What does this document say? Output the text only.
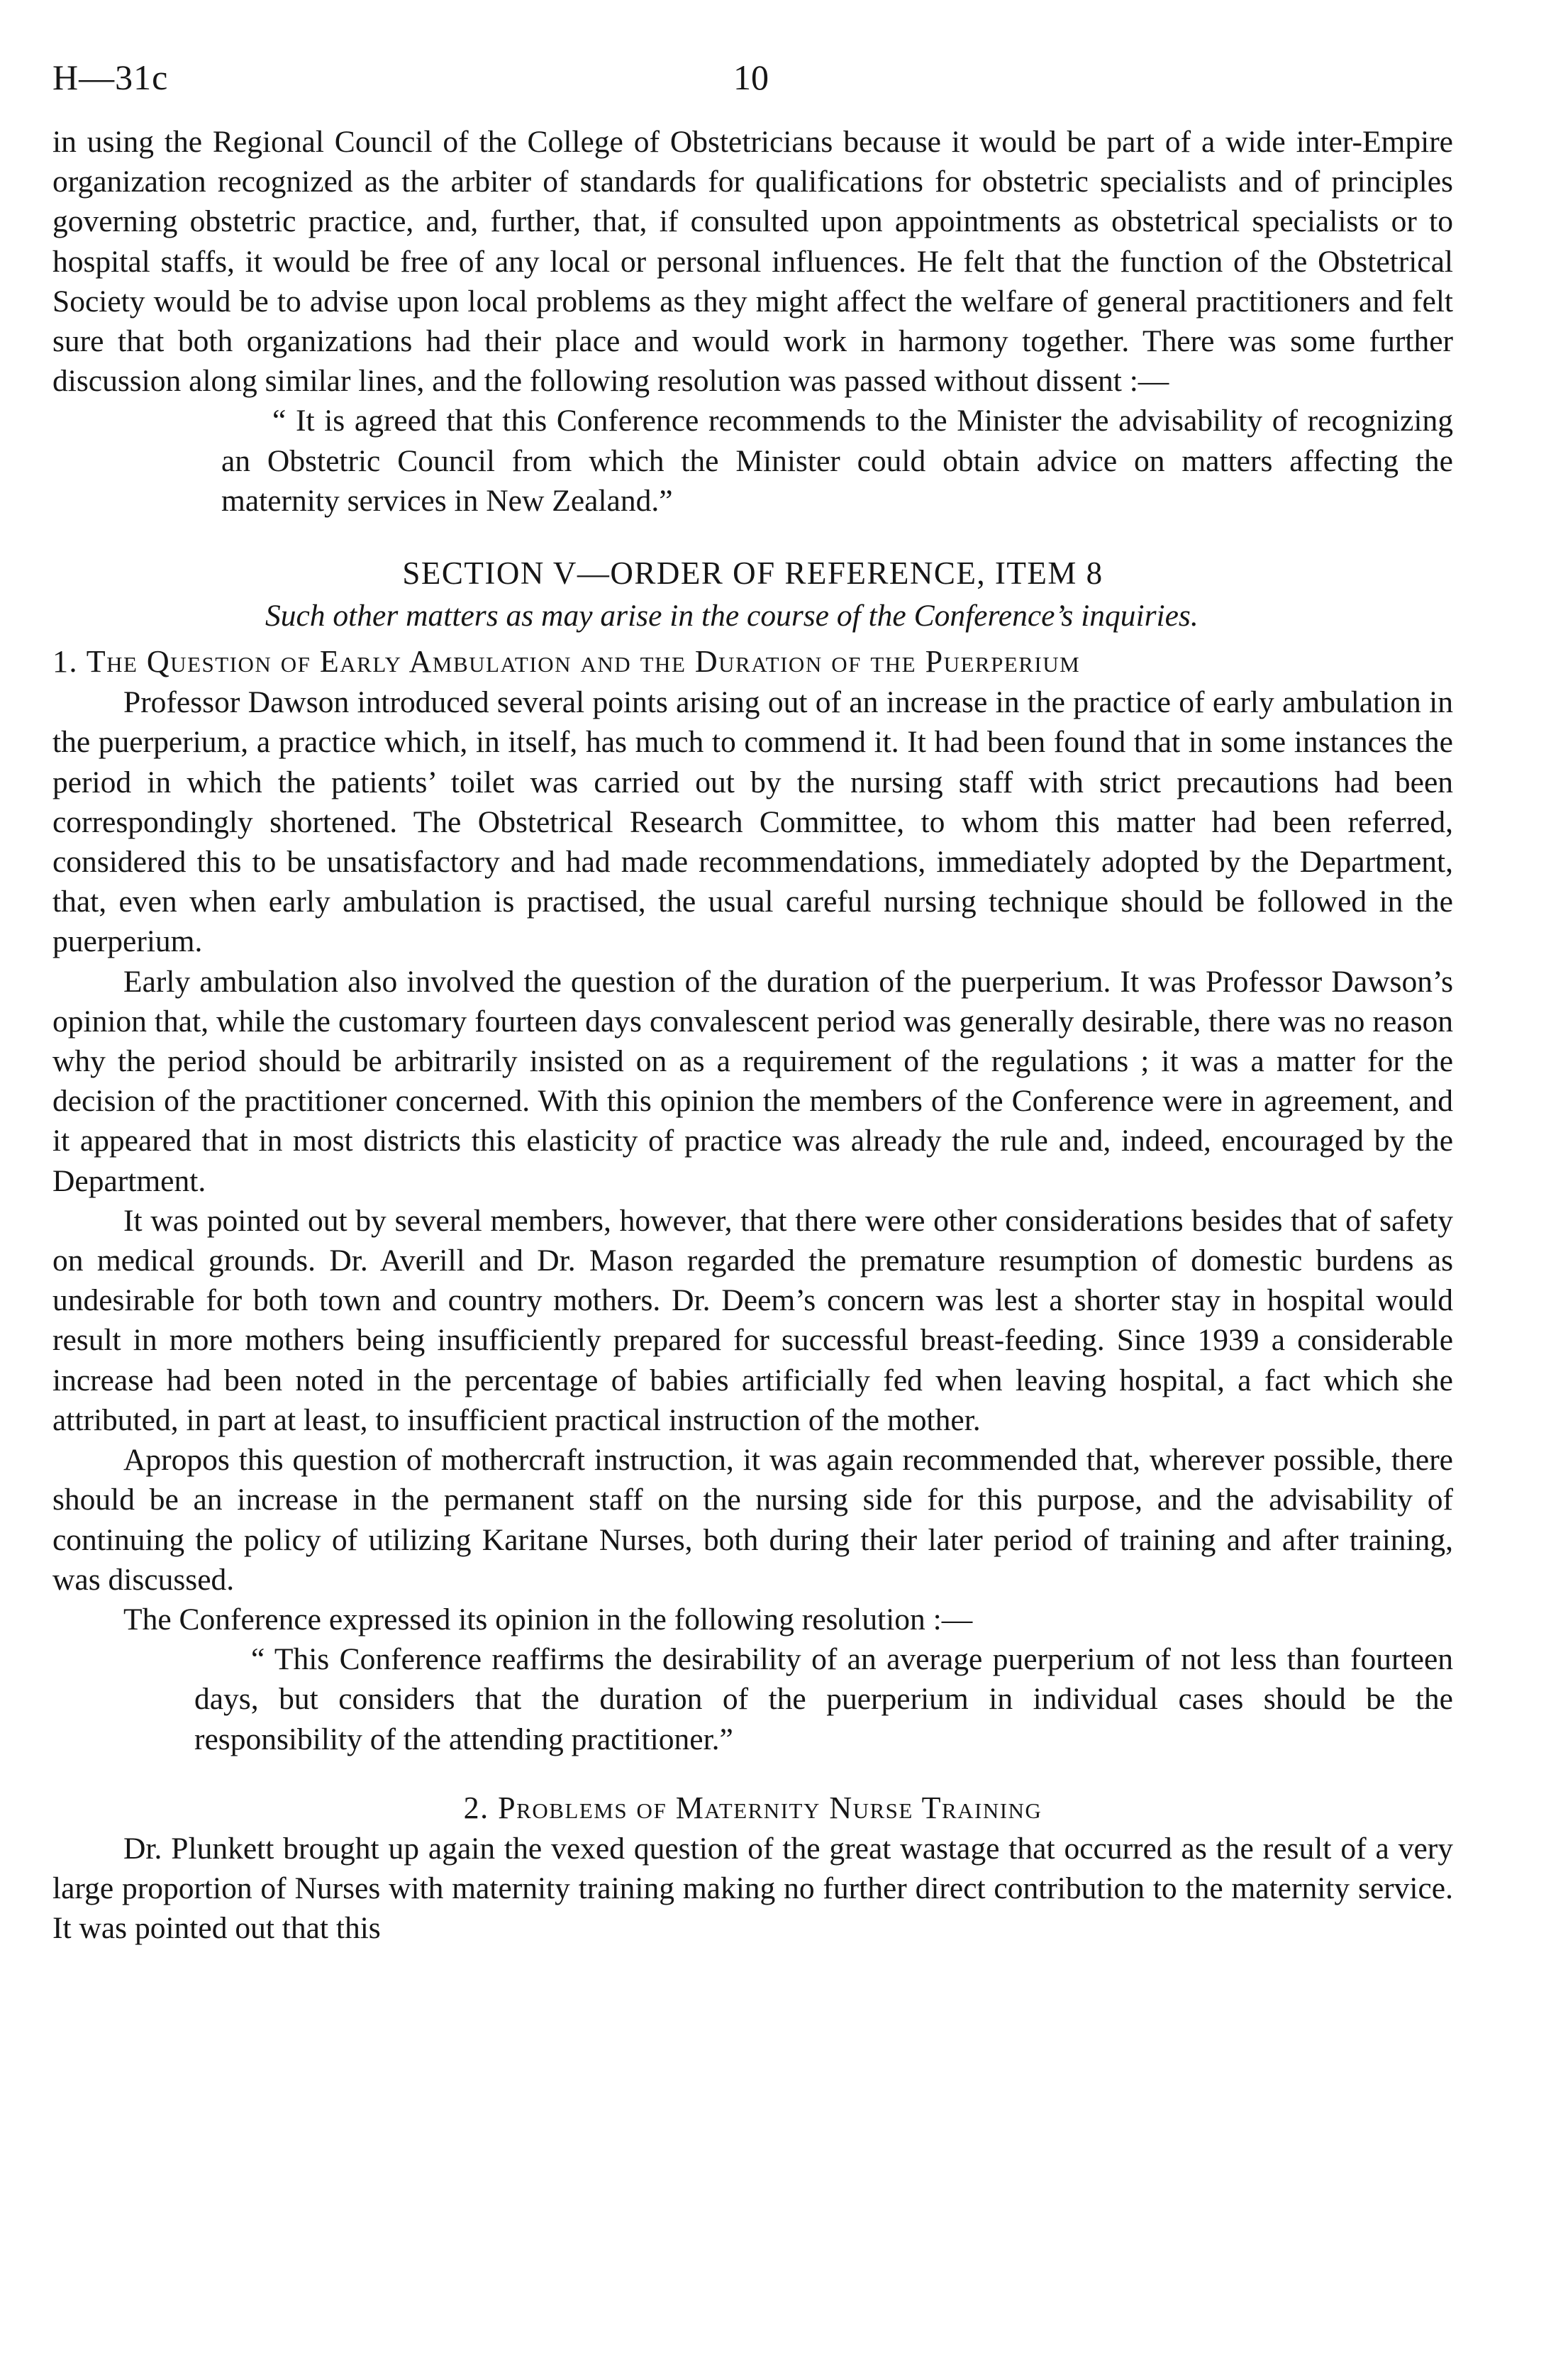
H—31c	10

in using the Regional Council of the College of Obstetricians because it would be part of a wide inter-Empire organization recognized as the arbiter of standards for qualifications for obstetric specialists and of principles governing obstetric practice, and, further, that, if consulted upon appointments as obstetrical specialists or to hospital staffs, it would be free of any local or personal influences. He felt that the function of the Obstetrical Society would be to advise upon local problems as they might affect the welfare of general practitioners and felt sure that both organizations had their place and would work in harmony together. There was some further discussion along similar lines, and the following resolution was passed without dissent :—

“ It is agreed that this Conference recommends to the Minister the advisability of recognizing an Obstetric Council from which the Minister could obtain advice on matters affecting the maternity services in New Zealand.”

SECTION V—ORDER OF REFERENCE, ITEM 8

Such other matters as may arise in the course of the Conference’s inquiries.

1. The Question of Early Ambulation and the Duration of the Puerperium

Professor Dawson introduced several points arising out of an increase in the practice of early ambulation in the puerperium, a practice which, in itself, has much to commend it. It had been found that in some instances the period in which the patients’ toilet was carried out by the nursing staff with strict precautions had been correspondingly shortened. The Obstetrical Research Committee, to whom this matter had been referred, considered this to be unsatisfactory and had made recommendations, immediately adopted by the Department, that, even when early ambulation is practised, the usual careful nursing technique should be followed in the puerperium.

Early ambulation also involved the question of the duration of the puerperium. It was Professor Dawson’s opinion that, while the customary fourteen days convalescent period was generally desirable, there was no reason why the period should be arbitrarily insisted on as a requirement of the regulations ; it was a matter for the decision of the practitioner concerned. With this opinion the members of the Conference were in agreement, and it appeared that in most districts this elasticity of practice was already the rule and, indeed, encouraged by the Department.

It was pointed out by several members, however, that there were other considerations besides that of safety on medical grounds. Dr. Averill and Dr. Mason regarded the premature resumption of domestic burdens as undesirable for both town and country mothers. Dr. Deem’s concern was lest a shorter stay in hospital would result in more mothers being insufficiently prepared for successful breast-feeding. Since 1939 a considerable increase had been noted in the percentage of babies artificially fed when leaving hospital, a fact which she attributed, in part at least, to insufficient practical instruction of the mother.

Apropos this question of mothercraft instruction, it was again recommended that, wherever possible, there should be an increase in the permanent staff on the nursing side for this purpose, and the advisability of continuing the policy of utilizing Karitane Nurses, both during their later period of training and after training, was discussed.

The Conference expressed its opinion in the following resolution :—

“ This Conference reaffirms the desirability of an average puerperium of not less than fourteen days, but considers that the duration of the puerperium in individual cases should be the responsibility of the attending practitioner.”

2. Problems of Maternity Nurse Training

Dr. Plunkett brought up again the vexed question of the great wastage that occurred as the result of a very large proportion of Nurses with maternity training making no further direct contribution to the maternity service. It was pointed out that this
